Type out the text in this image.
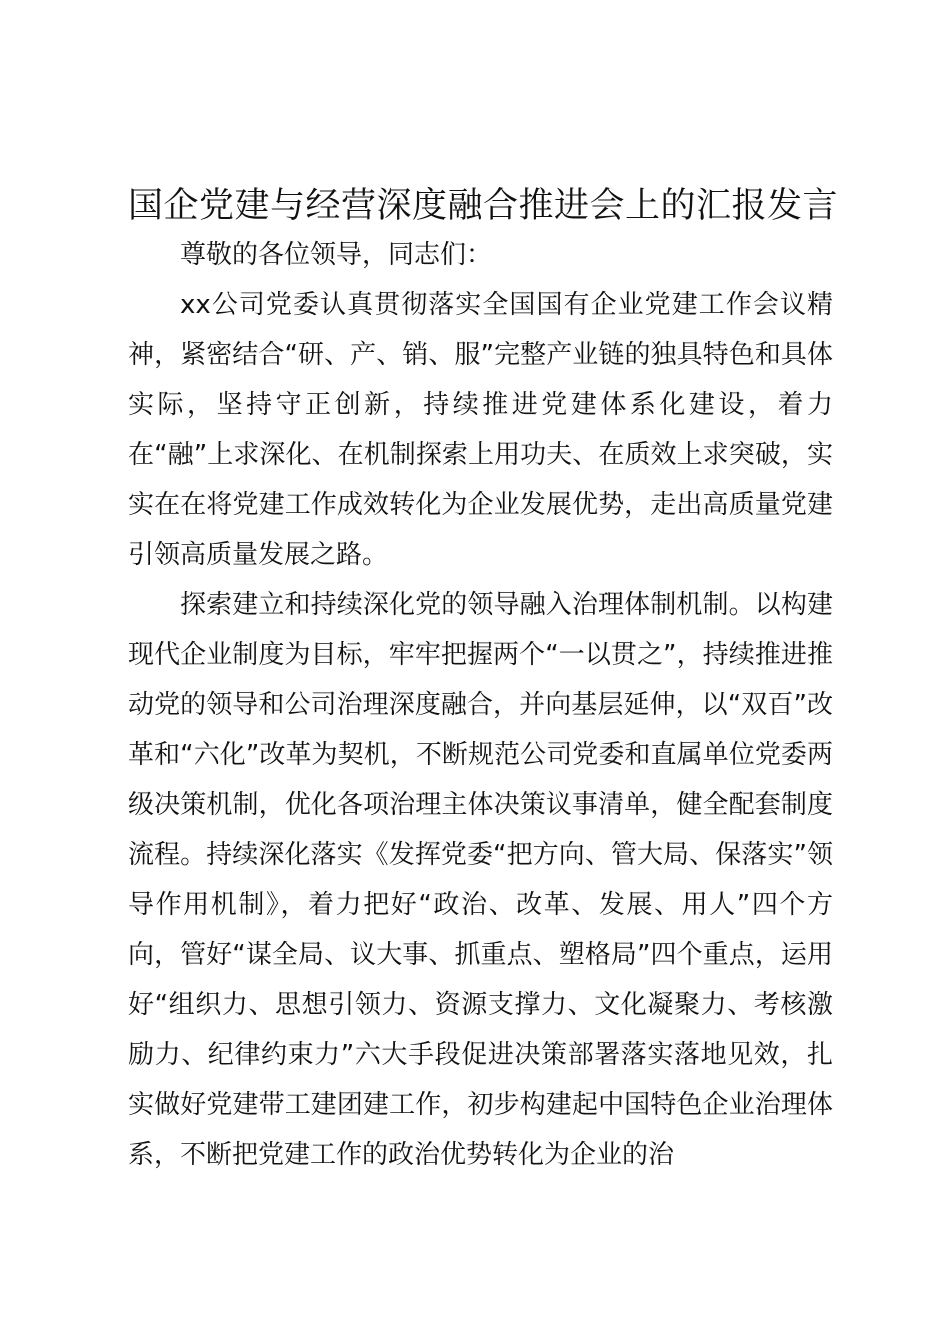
国企党建与经营深度融合推进会上的汇报发言

尊敬的各位领导，同志们：

xx公司党委认真贯彻落实全国国有企业党建工作会议精神，紧密结合“研、产、销、服”完整产业链的独具特色和具体实际，坚持守正创新，持续推进党建体系化建设，着力在“融”上求深化、在机制探索上用功夫、在质效上求突破，实实在在将党建工作成效转化为企业发展优势，走出高质量党建引领高质量发展之路。

探索建立和持续深化党的领导融入治理体制机制。以构建现代企业制度为目标，牢牢把握两个“一以贯之”，持续推进推动党的领导和公司治理深度融合，并向基层延伸，以“双百”改革和“六化”改革为契机，不断规范公司党委和直属单位党委两级决策机制，优化各项治理主体决策议事清单，健全配套制度流程。持续深化落实《发挥党委“把方向、管大局、保落实”领导作用机制》，着力把好“政治、改革、发展、用人”四个方向，管好“谋全局、议大事、抓重点、塑格局”四个重点，运用好“组织力、思想引领力、资源支撑力、文化凝聚力、考核激励力、纪律约束力”六大手段促进决策部署落实落地见效，扎实做好党建带工建团建工作，初步构建起中国特色企业治理体系，不断把党建工作的政治优势转化为企业的治
